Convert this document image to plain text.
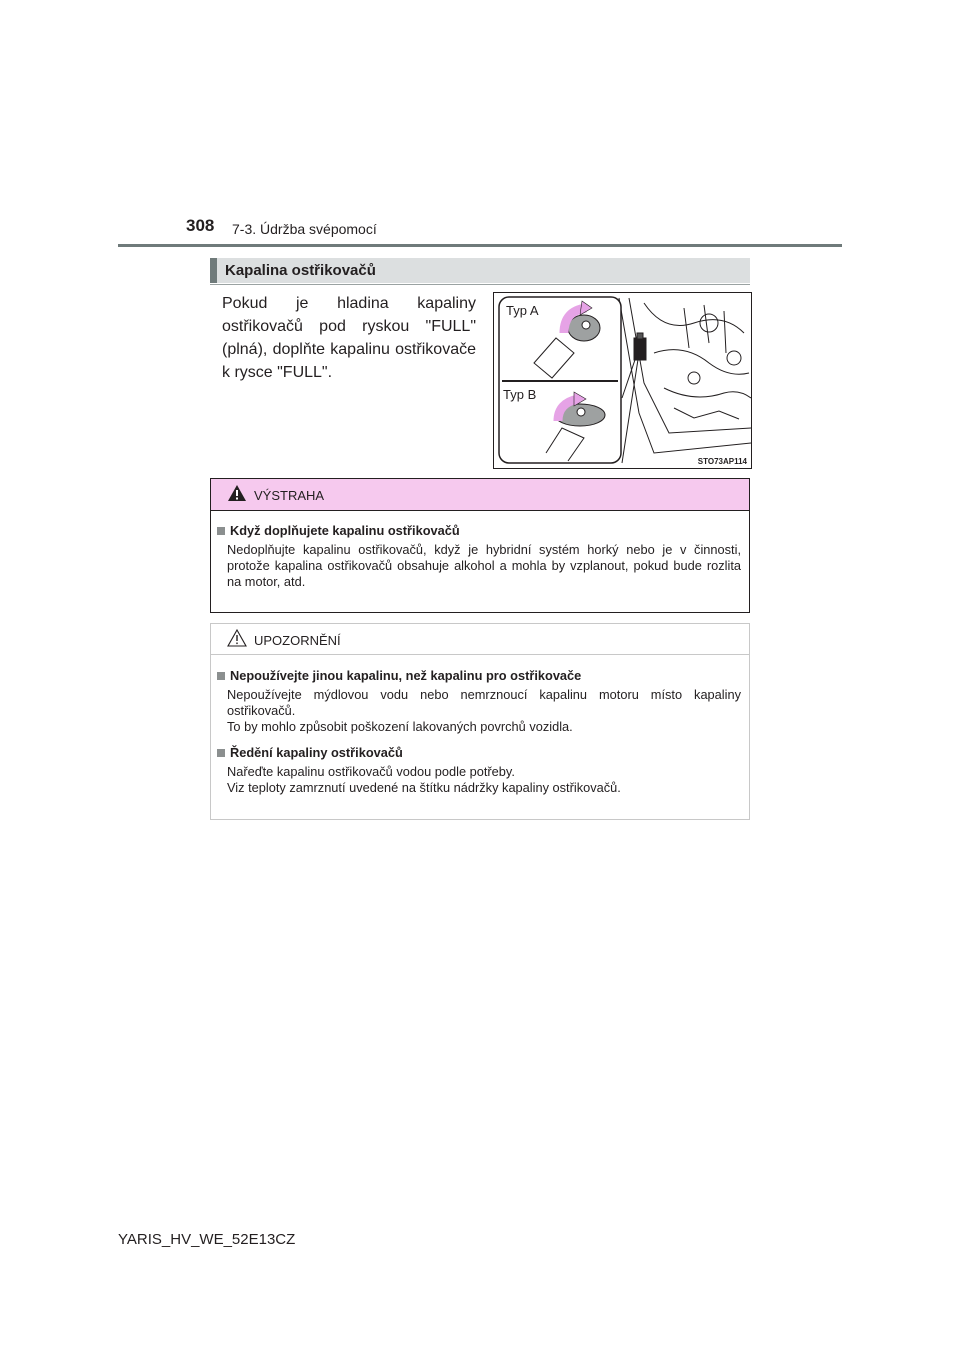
308 7-3. Údržba svépomocí
Kapalina ostřikovačů
Pokud je hladina kapaliny ostřikovačů pod ryskou "FULL" (plná), doplňte kapalinu ostřikovače k rysce "FULL".
Typ A
Typ B
STO73AP114
VÝSTRAHA
Když doplňujete kapalinu ostřikovačů
Nedoplňujte kapalinu ostřikovačů, když je hybridní systém horký nebo je v činnosti, protože kapalina ostřikovačů obsahuje alkohol a mohla by vzplanout, pokud bude rozlita na motor, atd.
UPOZORNĚNÍ
Nepoužívejte jinou kapalinu, než kapalinu pro ostřikovače
Nepoužívejte mýdlovou vodu nebo nemrznoucí kapalinu motoru místo kapaliny ostřikovačů.
To by mohlo způsobit poškození lakovaných povrchů vozidla.
Ředění kapaliny ostřikovačů
Nařeďte kapalinu ostřikovačů vodou podle potřeby.
Viz teploty zamrznutí uvedené na štítku nádržky kapaliny ostřikovačů.
YARIS_HV_WE_52E13CZ
